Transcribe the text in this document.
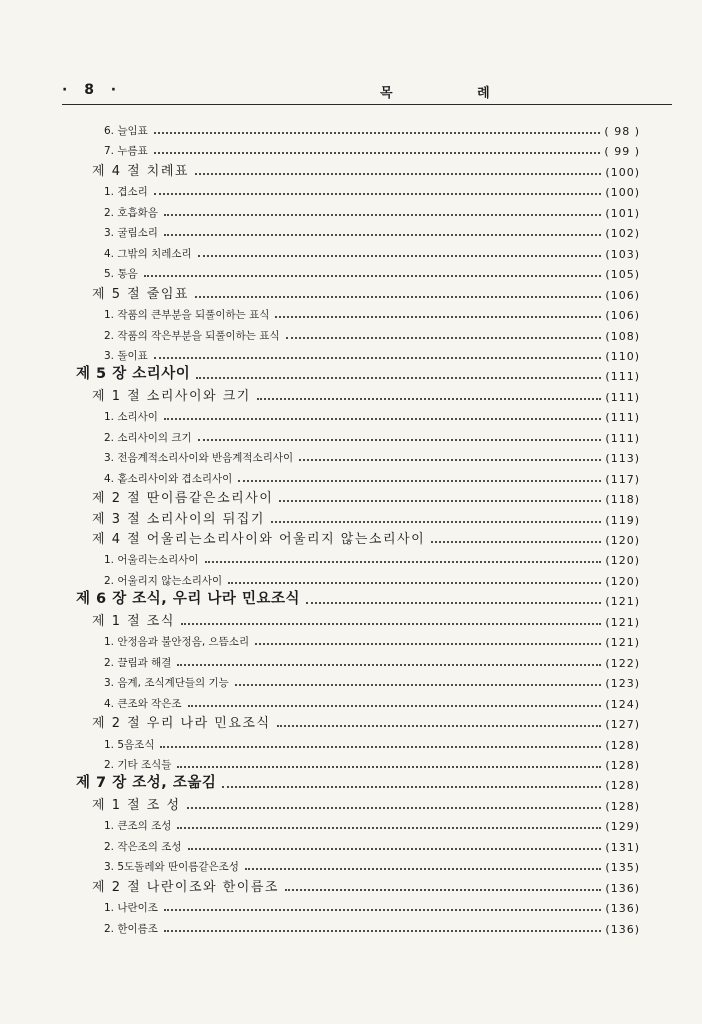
· 8 ·	목 례
6. 늘임표	( 98 )
7. 누름표	( 99 )
제 4 절 치례표	(100)
1. 겹소리	(100)
2. 호흡화음	(101)
3. 굴림소리	(102)
4. 그밖의 치레소리	(103)
5. 통음	(105)
제 5 절 줄임표	(106)
1. 작품의 큰부분을 되풀이하는 표식	(106)
2. 작품의 작은부분을 되풀이하는 표식	(108)
3. 돌이표	(110)
제 5 장 소리사이	(111)
제 1 절 소리사이와 크기	(111)
1. 소리사이	(111)
2. 소리사이의 크기	(111)
3. 전음계적소리사이와 반음계적소리사이	(113)
4. 홑소리사이와 겹소리사이	(117)
제 2 절 딴이름같은소리사이	(118)
제 3 절 소리사이의 뒤집기	(119)
제 4 절 어울리는소리사이와 어울리지 않는소리사이	(120)
1. 어울리는소리사이	(120)
2. 어울리지 않는소리사이	(120)
제 6 장 조식, 우리 나라 민요조식	(121)
제 1 절 조식	(121)
1. 안정음과 불안정음, 으뜸소리	(121)
2. 끌림과 해결	(122)
3. 음계, 조식계단들의 기능	(123)
4. 큰조와 작은조	(124)
제 2 절 우리 나라 민요조식	(127)
1. 5음조식	(128)
2. 기타 조식들	(128)
제 7 장 조성, 조옮김	(128)
제 1 절 조 성	(128)
1. 큰조의 조성	(129)
2. 작은조의 조성	(131)
3. 5도돌레와 딴이름같은조성	(135)
제 2 절 나란이조와 한이름조	(136)
1. 나란이조	(136)
2. 한이름조	(136)
